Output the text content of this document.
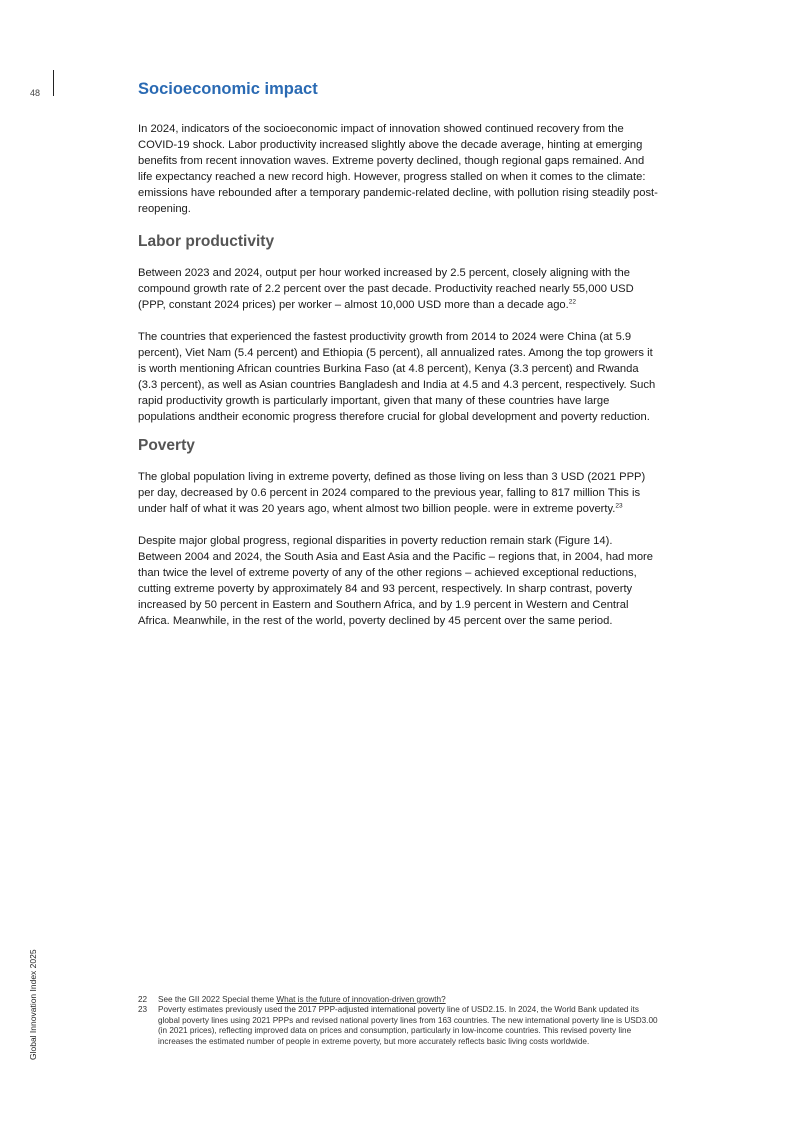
48
Global Innovation Index 2025
Socioeconomic impact

In 2024, indicators of the socioeconomic impact of innovation showed continued recovery from the COVID-19 shock. Labor productivity increased slightly above the decade average, hinting at emerging benefits from recent innovation waves. Extreme poverty declined, though regional gaps remained. And life expectancy reached a new record high. However, progress stalled on when it comes to the climate: emissions have rebounded after a temporary pandemic-related decline, with pollution rising steadily post-reopening.

Labor productivity

Between 2023 and 2024, output per hour worked increased by 2.5 percent, closely aligning with the compound growth rate of 2.2 percent over the past decade. Productivity reached nearly 55,000 USD (PPP, constant 2024 prices) per worker – almost 10,000 USD more than a decade ago.$^{22}$

The countries that experienced the fastest productivity growth from 2014 to 2024 were China (at 5.9 percent), Viet Nam (5.4 percent) and Ethiopia (5 percent), all annualized rates. Among the top growers it is worth mentioning African countries Burkina Faso (at 4.8 percent), Kenya (3.3 percent) and Rwanda (3.3 percent), as well as Asian countries Bangladesh and India at 4.5 and 4.3 percent, respectively. Such rapid productivity growth is particularly important, given that many of these countries have large populations andtheir economic progress therefore crucial for global development and poverty reduction.

Poverty

The global population living in extreme poverty, defined as those living on less than 3 USD (2021 PPP) per day, decreased by 0.6 percent in 2024 compared to the previous year, falling to 817 million This is under half of what it was 20 years ago, whent almost two billion people. were in extreme poverty.$^{23}$

Despite major global progress, regional disparities in poverty reduction remain stark (Figure 14). Between 2004 and 2024, the South Asia and East Asia and the Pacific – regions that, in 2004, had more than twice the level of extreme poverty of any of the other regions – achieved exceptional reductions, cutting extreme poverty by approximately 84 and 93 percent, respectively. In sharp contrast, poverty increased by 50 percent in Eastern and Southern Africa, and by 1.9 percent in Western and Central Africa. Meanwhile, in the rest of the world, poverty declined by 45 percent over the same period.

22	See the GII 2022 Special theme What is the future of innovation-driven growth?
23	Poverty estimates previously used the 2017 PPP-adjusted international poverty line of USD2.15. In 2024, the World Bank updated its global poverty lines using 2021 PPPs and revised national poverty lines from 163 countries. The new international poverty line is USD3.00 (in 2021 prices), reflecting improved data on prices and consumption, particularly in low-income countries. This revised poverty line increases the estimated number of people in extreme poverty, but more accurately reflects basic living costs worldwide.
